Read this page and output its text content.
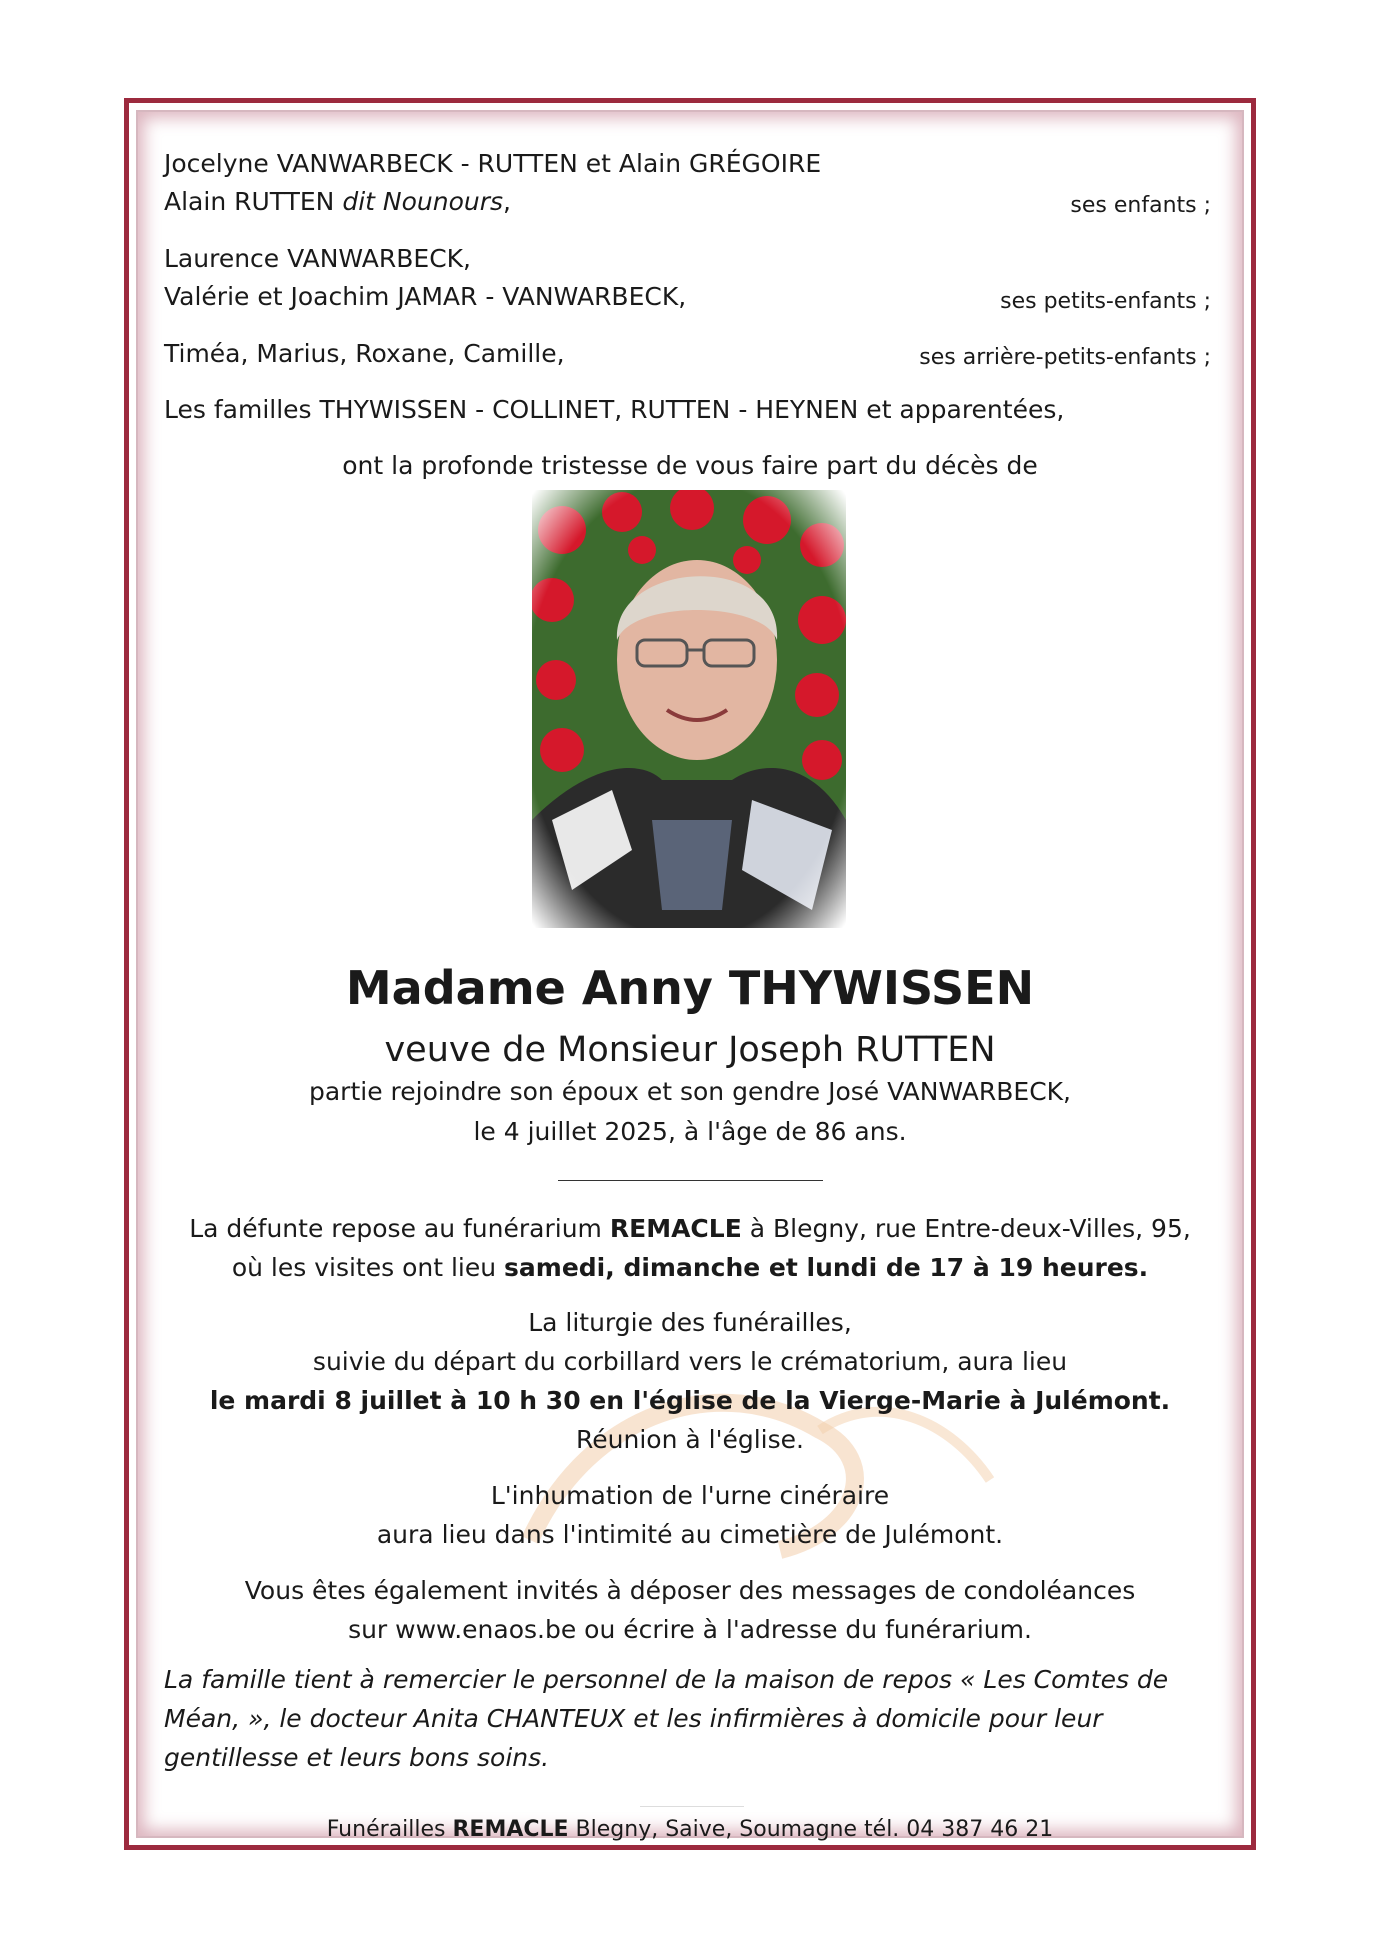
Jocelyne VANWARBECK - RUTTEN et Alain GRÉGOIRE
Alain RUTTEN dit Nounours,	ses enfants ;
Laurence VANWARBECK,
Valérie et Joachim JAMAR - VANWARBECK,	ses petits-enfants ;
Timéa, Marius, Roxane, Camille,	ses arrière-petits-enfants ;
Les familles THYWISSEN - COLLINET, RUTTEN - HEYNEN et apparentées,
ont la profonde tristesse de vous faire part du décès de
Madame Anny THYWISSEN
veuve de Monsieur Joseph RUTTEN
partie rejoindre son époux et son gendre José VANWARBECK,
le 4 juillet 2025, à l'âge de 86 ans.
La défunte repose au funérarium REMACLE à Blegny, rue Entre-deux-Villes, 95,
où les visites ont lieu samedi, dimanche et lundi de 17 à 19 heures.
La liturgie des funérailles,
suivie du départ du corbillard vers le crématorium, aura lieu
le mardi 8 juillet à 10 h 30 en l'église de la Vierge-Marie à Julémont.
Réunion à l'église.
L'inhumation de l'urne cinéraire
aura lieu dans l'intimité au cimetière de Julémont.
Vous êtes également invités à déposer des messages de condoléances
sur www.enaos.be ou écrire à l'adresse du funérarium.
La famille tient à remercier le personnel de la maison de repos « Les Comtes de Méan, », le docteur Anita CHANTEUX et les infirmières à domicile pour leur gentillesse et leurs bons soins.
Funérailles REMACLE Blegny, Saive, Soumagne tél. 04 387 46 21
